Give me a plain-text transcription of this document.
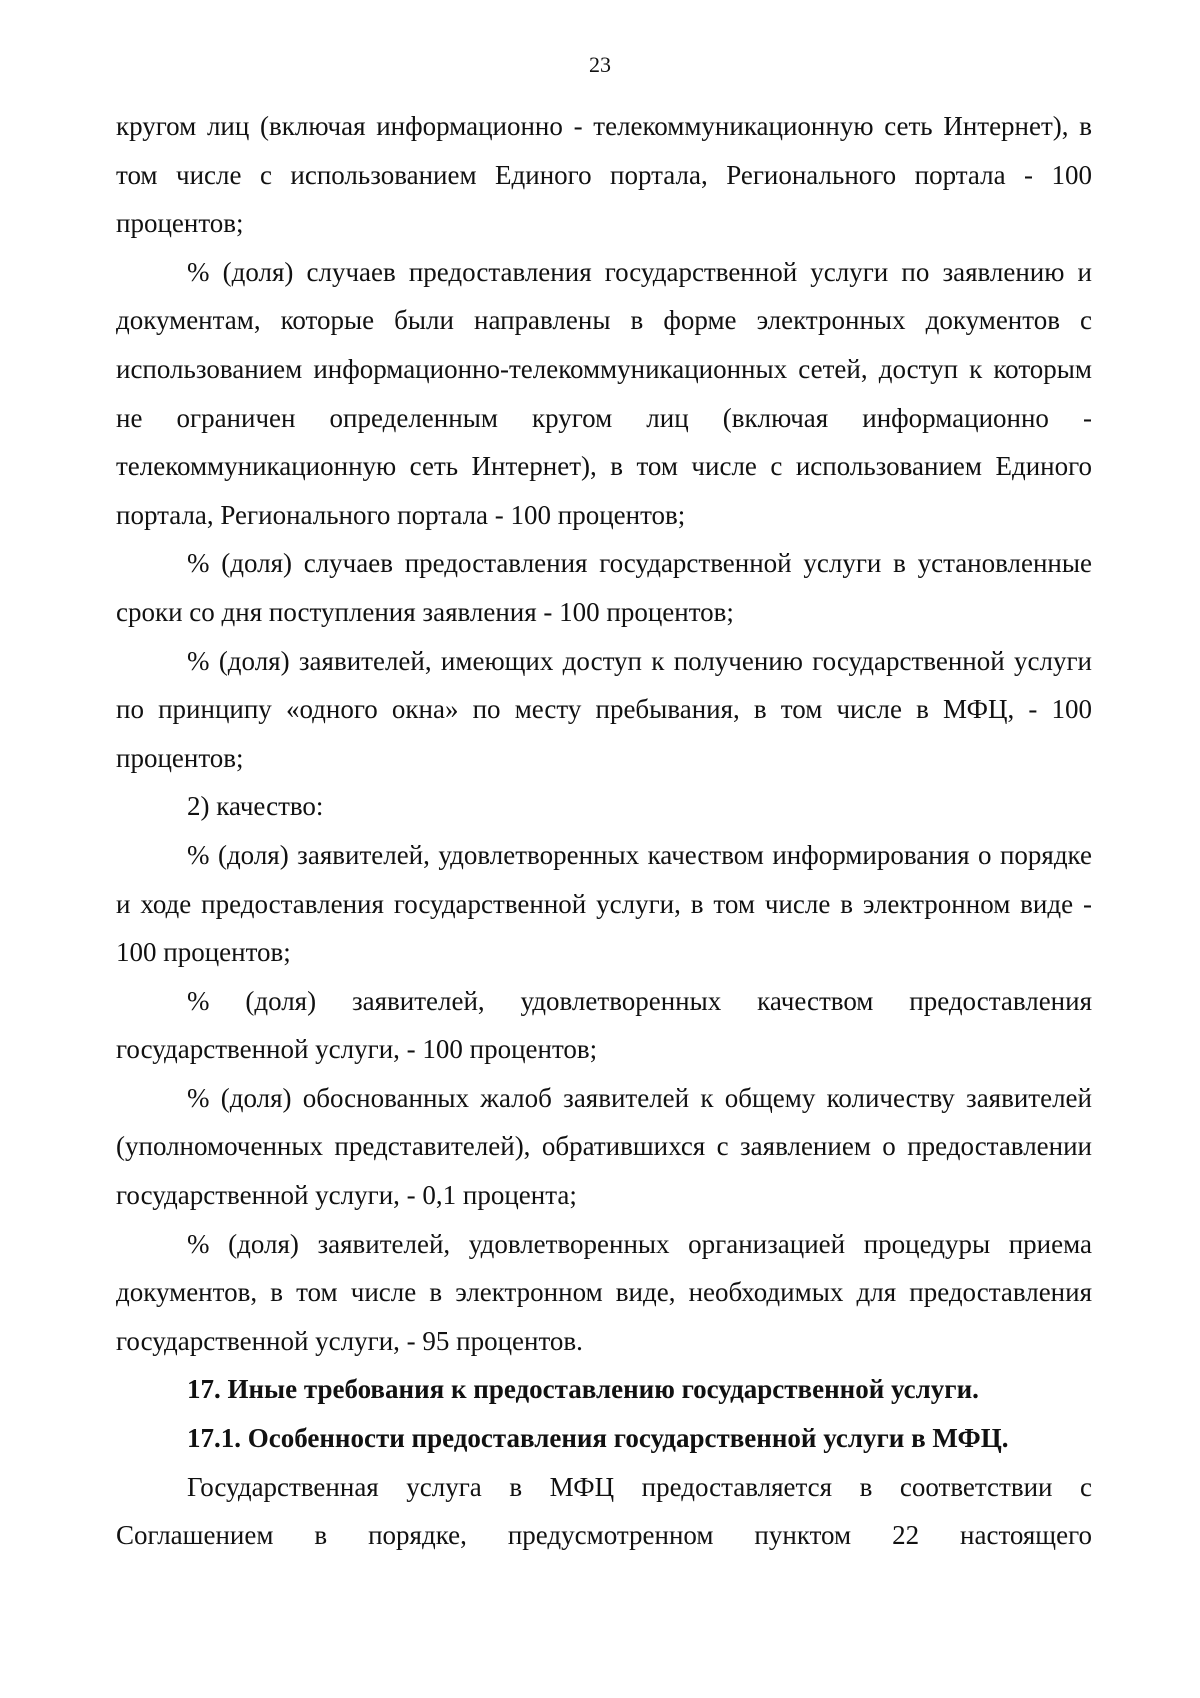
23

кругом лиц (включая информационно - телекоммуникационную сеть Интернет), в том числе с использованием Единого портала, Регионального портала - 100 процентов;

% (доля) случаев предоставления государственной услуги по заявлению и документам, которые были направлены в форме электронных документов с использованием информационно-телекоммуникационных сетей, доступ к которым не ограничен определенным кругом лиц (включая информационно - телекоммуникационную сеть Интернет), в том числе с использованием Единого портала, Регионального портала - 100 процентов;

% (доля) случаев предоставления государственной услуги в установленные сроки со дня поступления заявления - 100 процентов;

% (доля) заявителей, имеющих доступ к получению государственной услуги по принципу «одного окна» по месту пребывания, в том числе в МФЦ, - 100 процентов;

2) качество:

% (доля) заявителей, удовлетворенных качеством информирования о порядке и ходе предоставления государственной услуги, в том числе в электронном виде - 100 процентов;

% (доля) заявителей, удовлетворенных качеством предоставления государственной услуги, - 100 процентов;

% (доля) обоснованных жалоб заявителей к общему количеству заявителей (уполномоченных представителей), обратившихся с заявлением о предоставлении государственной услуги, - 0,1 процента;

% (доля) заявителей, удовлетворенных организацией процедуры приема документов, в том числе в электронном виде, необходимых для предоставления государственной услуги, - 95 процентов.

17. Иные требования к предоставлению государственной услуги.

17.1. Особенности предоставления государственной услуги в МФЦ.

Государственная услуга в МФЦ предоставляется в соответствии с Соглашением в порядке, предусмотренном пунктом 22 настоящего
